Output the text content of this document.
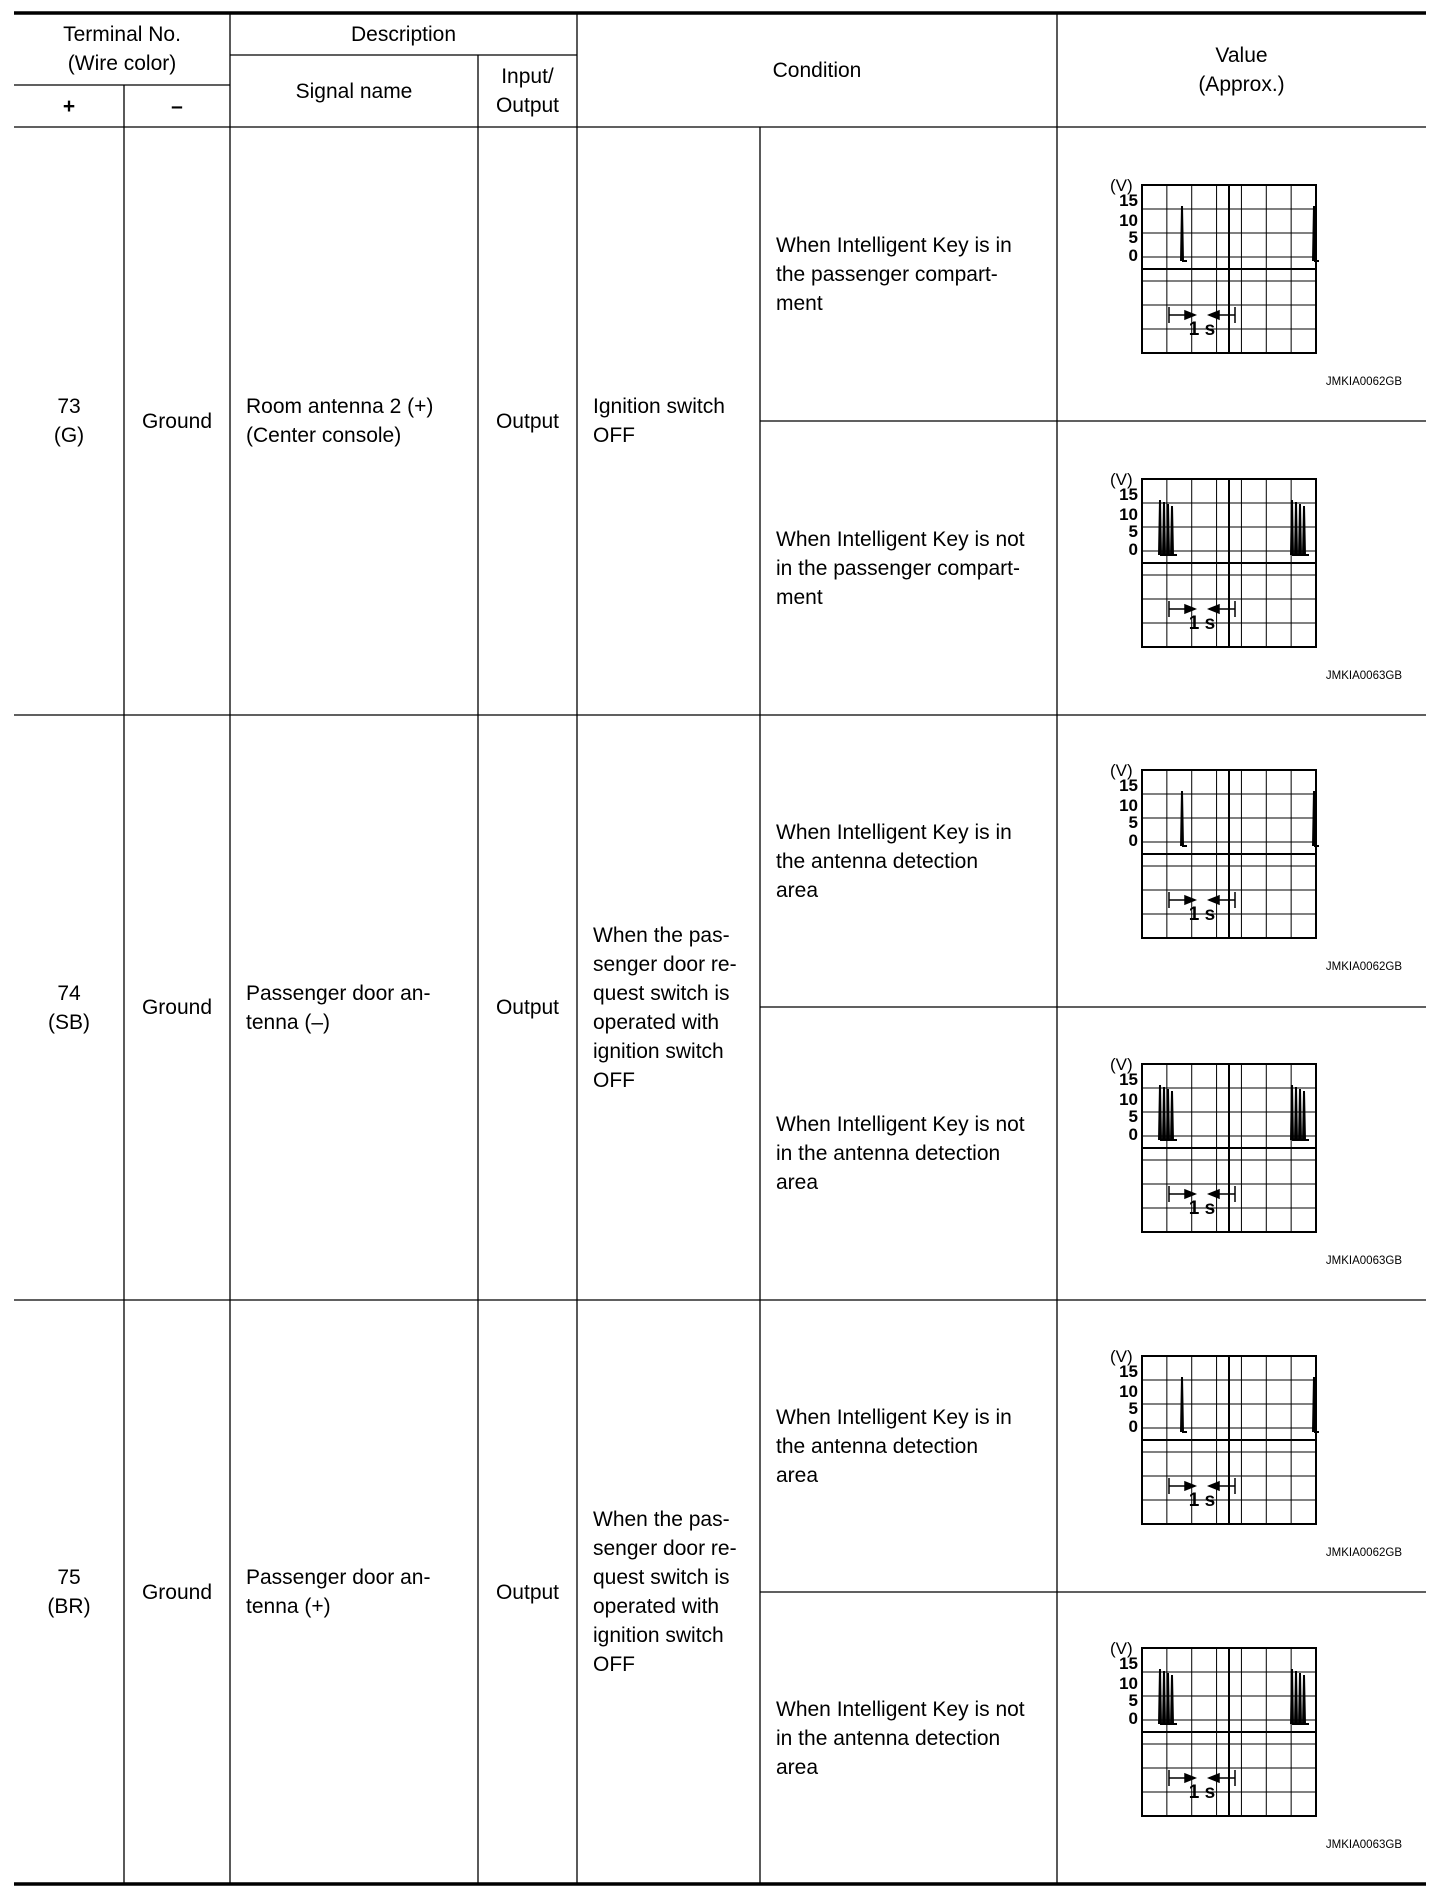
Terminal No.
(Wire color)
+	–
Description
Signal name
Input/
Output
Condition
Value
(Approx.)
73
(G)
Ground
Room antenna 2 (+)
(Center console)
Output
Ignition switch
OFF
When Intelligent Key is in
the passenger compart-
ment
When Intelligent Key is not
in the passenger compart-
ment
(V)
15
10
5
0
1 s
JMKIA0062GB
(V)
15
10
5
0
1 s
JMKIA0063GB
74
(SB)
Ground
Passenger door an-
tenna (–)
Output
When the pas-
senger door re-
quest switch is
operated with
ignition switch
OFF
When Intelligent Key is in
the antenna detection
area
When Intelligent Key is not
in the antenna detection
area
(V)
15
10
5
0
1 s
JMKIA0062GB
(V)
15
10
5
0
1 s
JMKIA0063GB
75
(BR)
Ground
Passenger door an-
tenna (+)
Output
When the pas-
senger door re-
quest switch is
operated with
ignition switch
OFF
When Intelligent Key is in
the antenna detection
area
When Intelligent Key is not
in the antenna detection
area
(V)
15
10
5
0
1 s
JMKIA0062GB
(V)
15
10
5
0
1 s
JMKIA0063GB
